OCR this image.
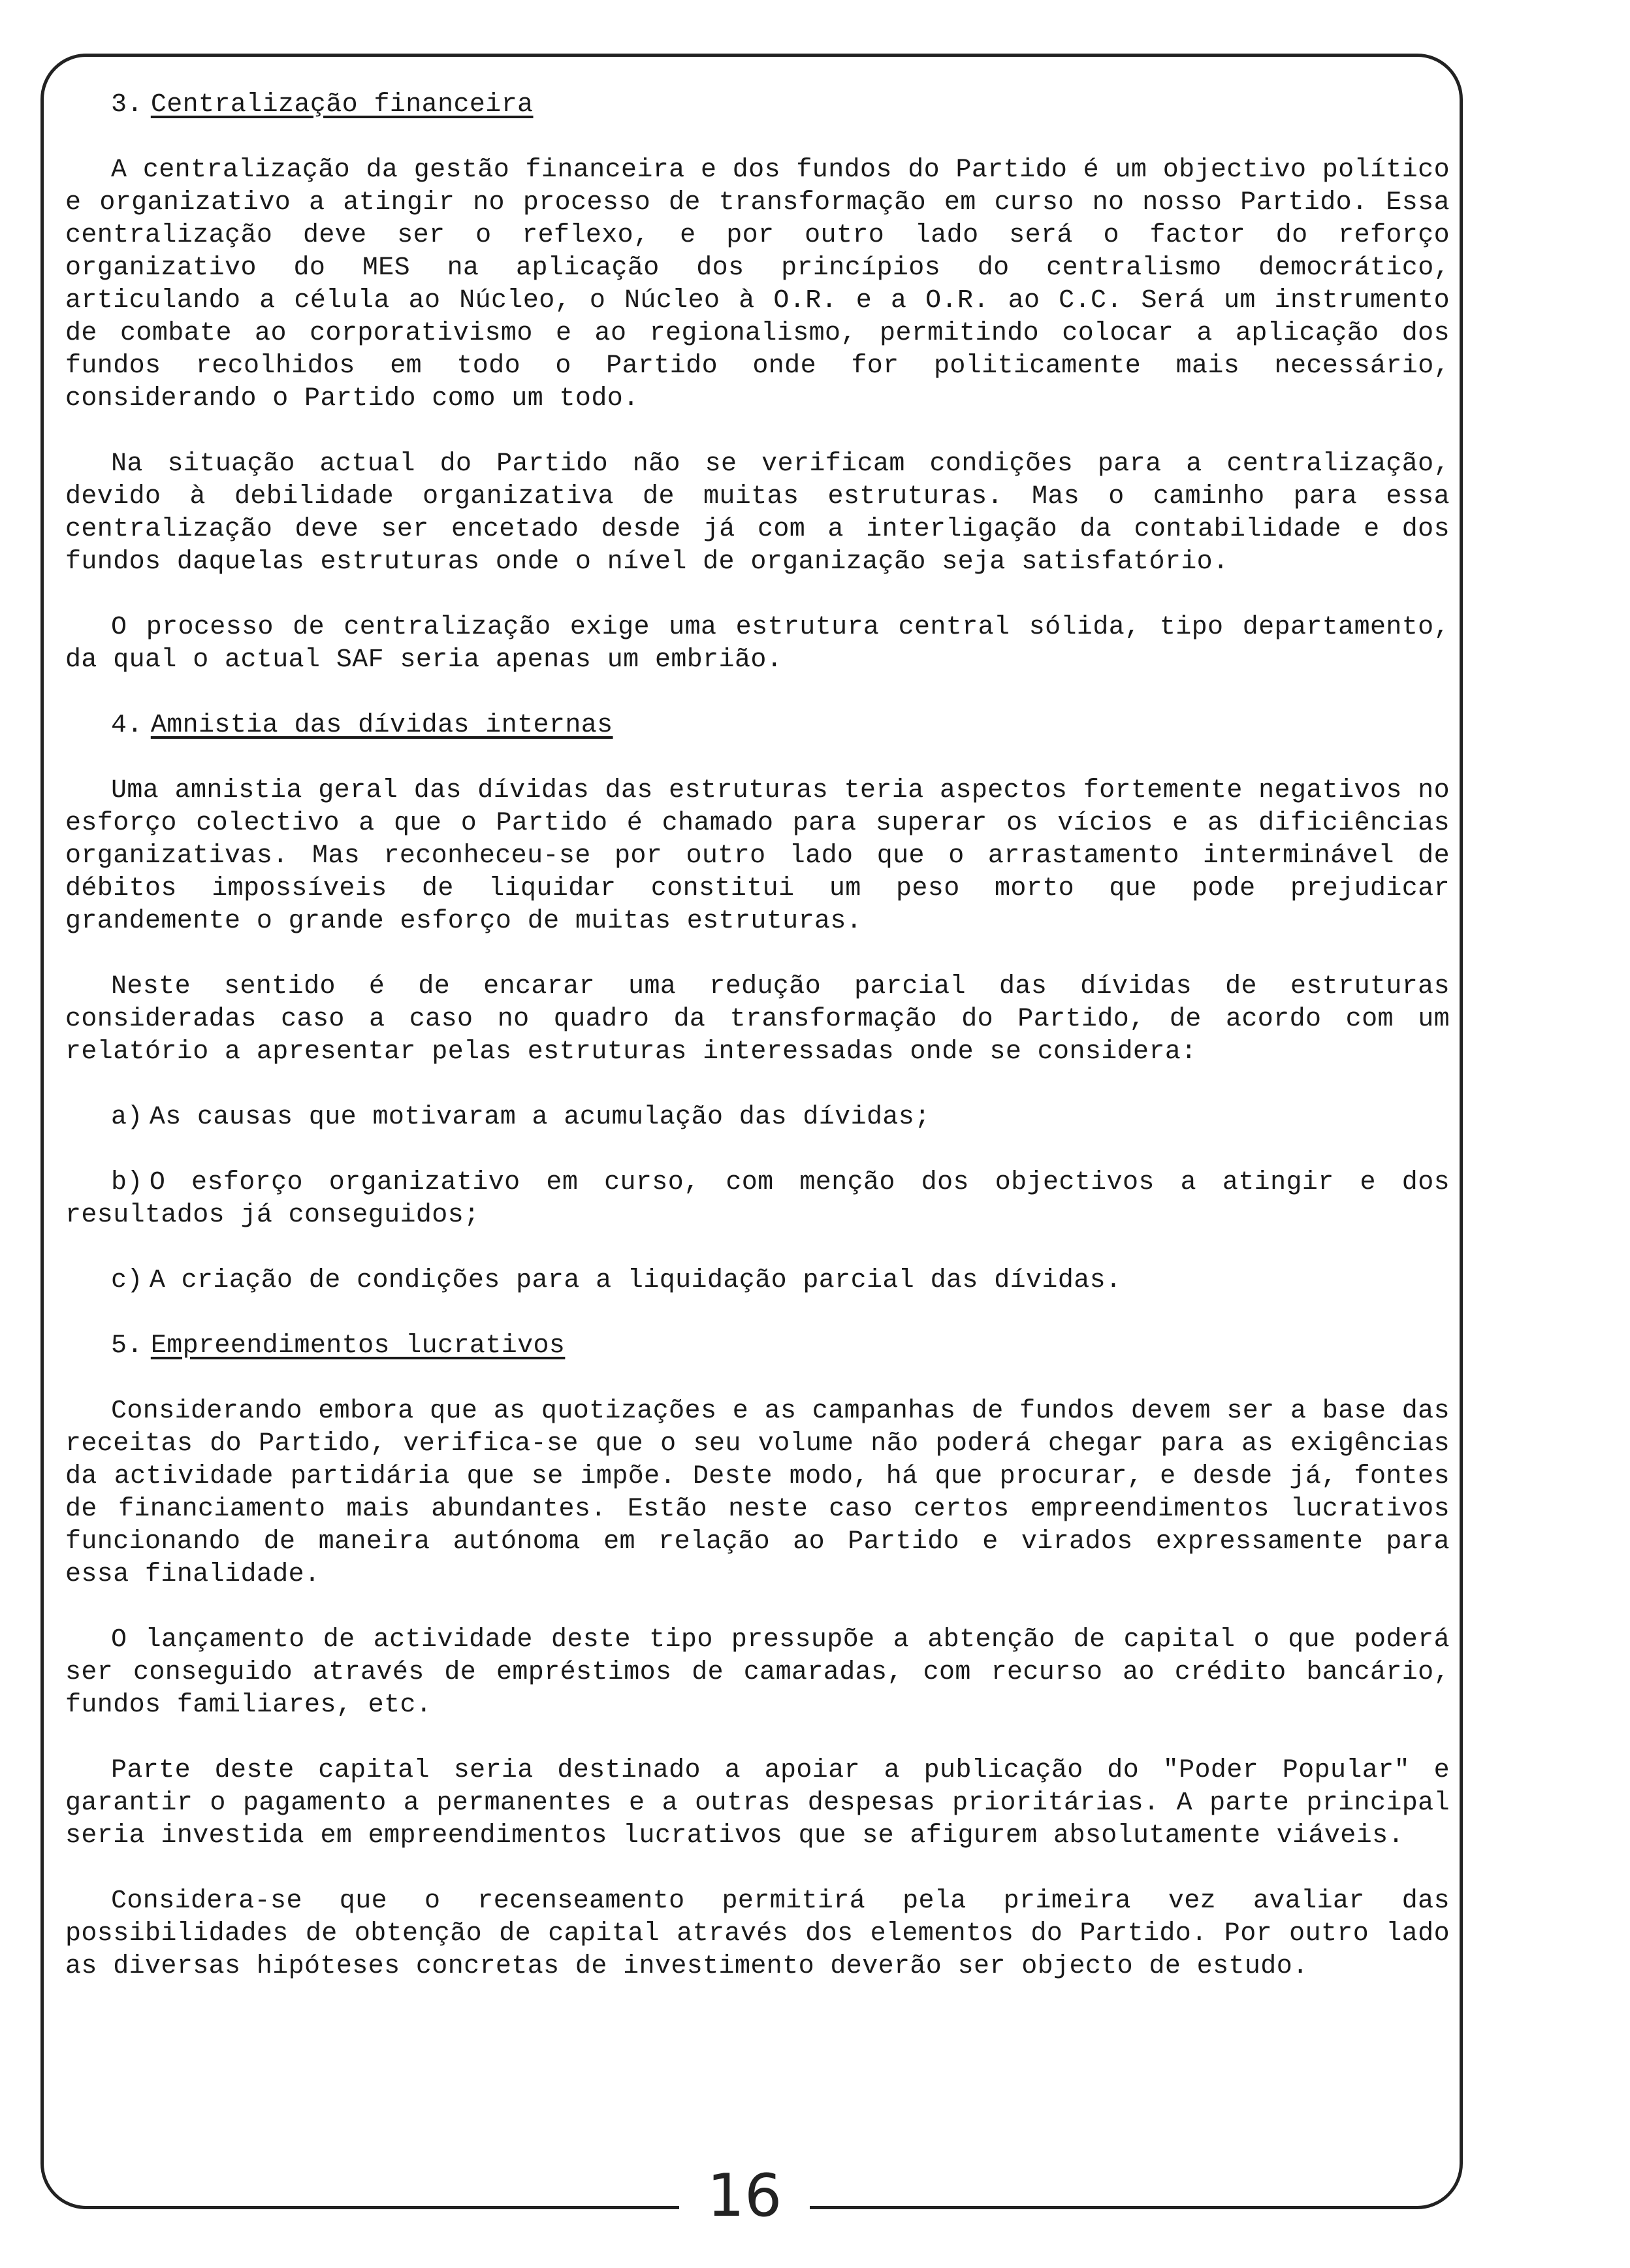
16
3. Centralização financeira

A centralização da gestão financeira e dos fundos do Partido é um objectivo político e organizativo a atingir no processo de transformação em curso no nosso Partido. Essa centralização deve ser o reflexo, e por outro lado será o factor do reforço organizativo do MES na aplicação dos princípios do centralismo democrático, articulando a célula ao Núcleo, o Núcleo à O.R. e a O.R. ao C.C. Será um instrumento de combate ao corporativismo e ao regionalismo, permitindo colocar a aplicação dos fundos recolhidos em todo o Partido onde for politicamente mais necessário, considerando o Partido como um todo.

Na situação actual do Partido não se verificam condições para a centralização, devido à debilidade organizativa de muitas estruturas. Mas o caminho para essa centralização deve ser encetado desde já com a interligação da contabilidade e dos fundos daquelas estruturas onde o nível de organização seja satisfatório.

O processo de centralização exige uma estrutura central sólida, tipo departamento, da qual o actual SAF seria apenas um embrião.

4. Amnistia das dívidas internas

Uma amnistia geral das dívidas das estruturas teria aspectos fortemente negativos no esforço colectivo a que o Partido é chamado para superar os vícios e as dificiências organizativas. Mas reconheceu-se por outro lado que o arrastamento interminável de débitos impossíveis de liquidar constitui um peso morto que pode prejudicar grandemente o grande esforço de muitas estruturas.

Neste sentido é de encarar uma redução parcial das dívidas de estruturas consideradas caso a caso no quadro da transformação do Partido, de acordo com um relatório a apresentar pelas estruturas interessadas onde se considera:

a) As causas que motivaram a acumulação das dívidas;

b) O esforço organizativo em curso, com menção dos objectivos a atingir e dos resultados já conseguidos;

c) A criação de condições para a liquidação parcial das dívidas.

5. Empreendimentos lucrativos

Considerando embora que as quotizações e as campanhas de fundos devem ser a base das receitas do Partido, verifica-se que o seu volume não poderá chegar para as exigências da actividade partidária que se impõe. Deste modo, há que procurar, e desde já, fontes de financiamento mais abundantes. Estão neste caso certos empreendimentos lucrativos funcionando de maneira autónoma em relação ao Partido e virados expressamente para essa finalidade.

O lançamento de actividade deste tipo pressupõe a abtenção de capital o que poderá ser conseguido através de empréstimos de camaradas, com recurso ao crédito bancário, fundos familiares, etc.

Parte deste capital seria destinado a apoiar a publicação do "Poder Popular" e garantir o pagamento a permanentes e a outras despesas prioritárias. A parte principal seria investida em empreendimentos lucrativos que se afigurem absolutamente viáveis.

Considera-se que o recenseamento permitirá pela primeira vez avaliar das possibilidades de obtenção de capital através dos elementos do Partido. Por outro lado as diversas hipóteses concretas de investimento deverão ser objecto de estudo.
